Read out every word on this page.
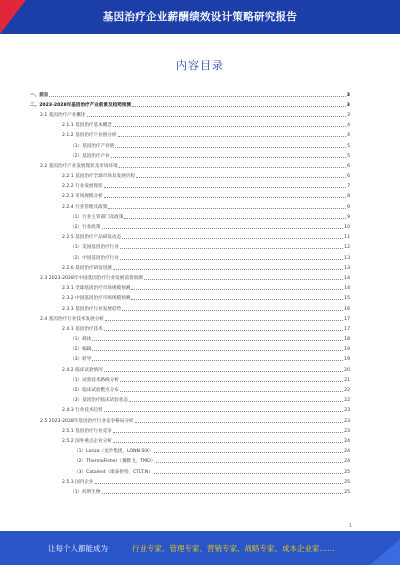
基因治疗企业薪酬绩效设计策略研究报告
内容目录
一、前言	3
二、2023-2028年基因治疗产业前景及趋势预测	3
2.1 基因治疗产业概述	3
2.1.1 基因治疗基本概念	4
2.1.2 基因治疗产业链分析	4
（1）基因治疗产业链	5
（2）基因治疗产业	5
2.2 基因治疗产业发展现状及市场环境	6
2.2.1 基因治疗全球市场及发展历程	6
2.2.2 行业发展现状	7
2.2.3 市场规模分析	8
2.2.4 行业管理及政策	9
（1）行业主管部门及政策	9
（2）行业政策	10
2.2.5 基因治疗产品研发动态	11
（1）美国基因治疗行业	12
（2）中国基因治疗行业	13
2.2.6 基因治疗研发进展	13
2.3 2023-2028年中国基因治疗行业发展前景预测	14
2.3.1 全球基因治疗市场规模预测	14
2.3.2 中国基因治疗市场规模预测	15
2.3.3 基因治疗行业发展趋势	16
2.4 基因治疗行业技术发展分析	17
2.4.1 基因治疗技术	17
（1）载体	18
（2）编辑	19
（3）转导	19
2.4.2 临床试验情况	20
（1）试验技术路线分析	21
（2）临床试验靶点分布	22
（3）基因治疗临床试验状态	22
2.4.3 行业技术趋势	23
2.5 2023-2028年基因治疗行业竞争格局分析	23
2.5.1 基因治疗行业竞争	23
2.5.2 国外重点企业分析	24
（1）Lonza（龙沙集团，LONN.SIX）	24
（2）ThermoFisher（赛默飞，TMO）	24
（3）Catalent（康泰伦特，CTLT.N）	25
2.5.3 国内企业	25
（1）药明生物	25
1
让每个人都能成为	行业专家、管理专家、营销专家、战略专家、成本企业家……
